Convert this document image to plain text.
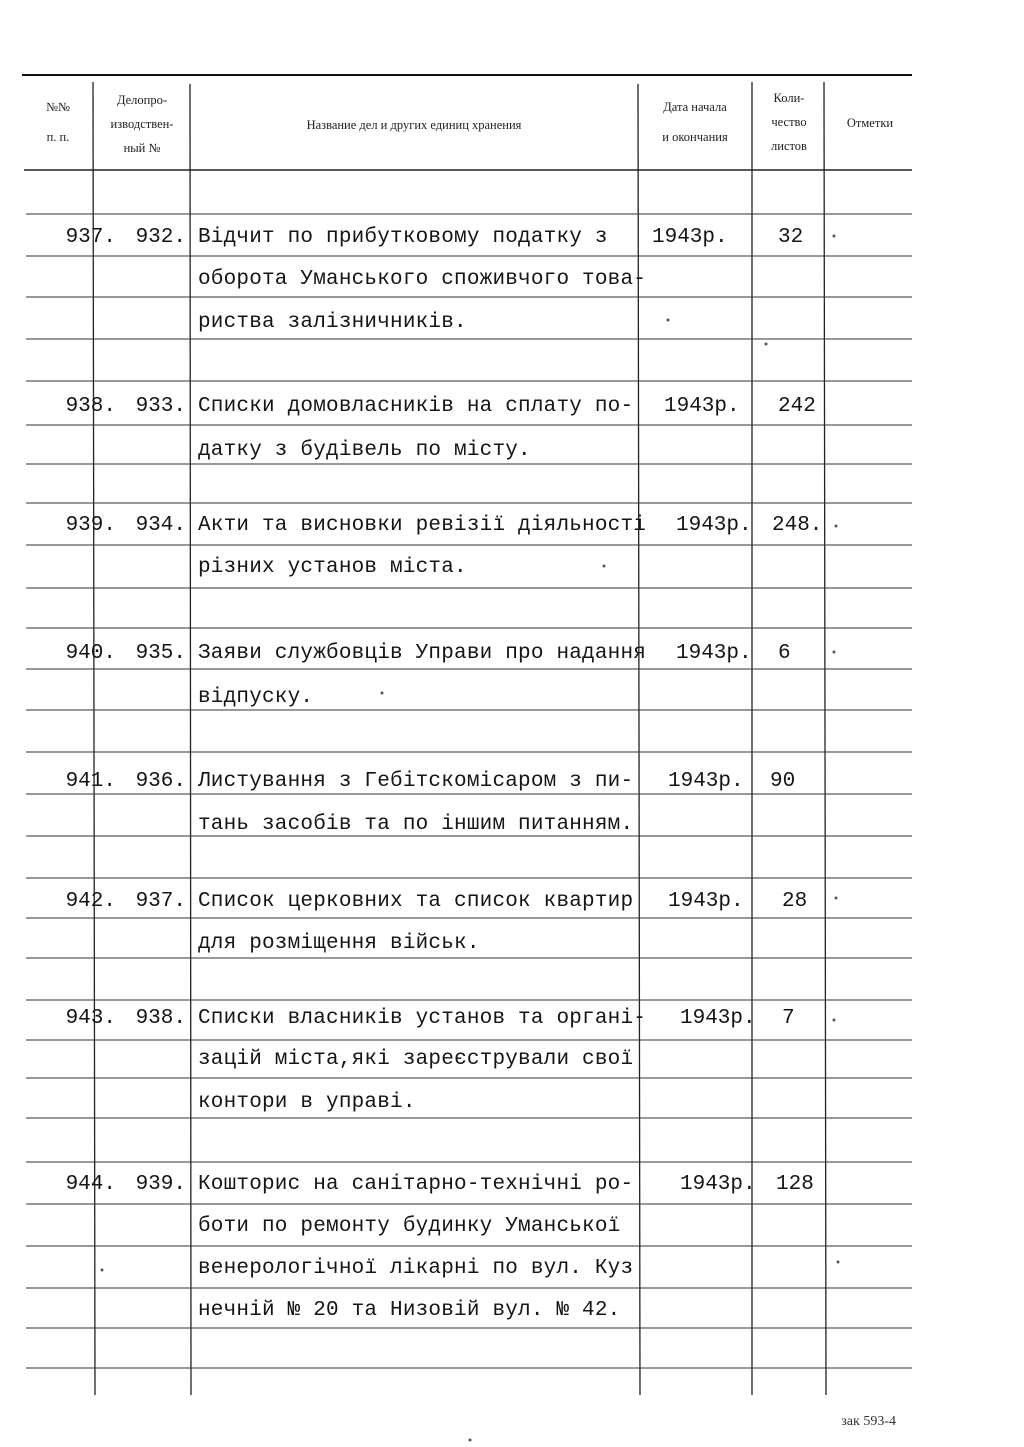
№№
п. п.
Делопро-
изводствен-
ный №
Название дел и других единиц хранения
Дата начала
и окончания
Коли-
чество
листов
Отметки
937. 932. Відчит по прибутковому податку з
оборота Уманського споживчого това-
риства залізничників.
1943р. 32
938. 933. Списки домовласників на сплату по-
датку з будівель по місту.
1943р. 242
939. 934. Акти та висновки ревізії діяльності
різних установ міста.
1943р. 248.
940. 935. Заяви службовців Управи про надання
відпуску.
1943р. 6
941. 936. Листування з Гебітскомісаром з пи-
тань засобів та по іншим питанням.
1943р. 90
942. 937. Список церковних та список квартир
для розміщення військ.
1943р. 28
943. 938. Списки власників установ та органі-
зацій міста,які зареєстрували свої
контори в управі.
1943р. 7
944. 939. Кошторис на санітарно-технічні ро-
боти по ремонту будинку Уманської
венерологічної лікарні по вул. Куз
нечній № 20 та Низовій вул. № 42.
1943р. 128
зак 593-4
